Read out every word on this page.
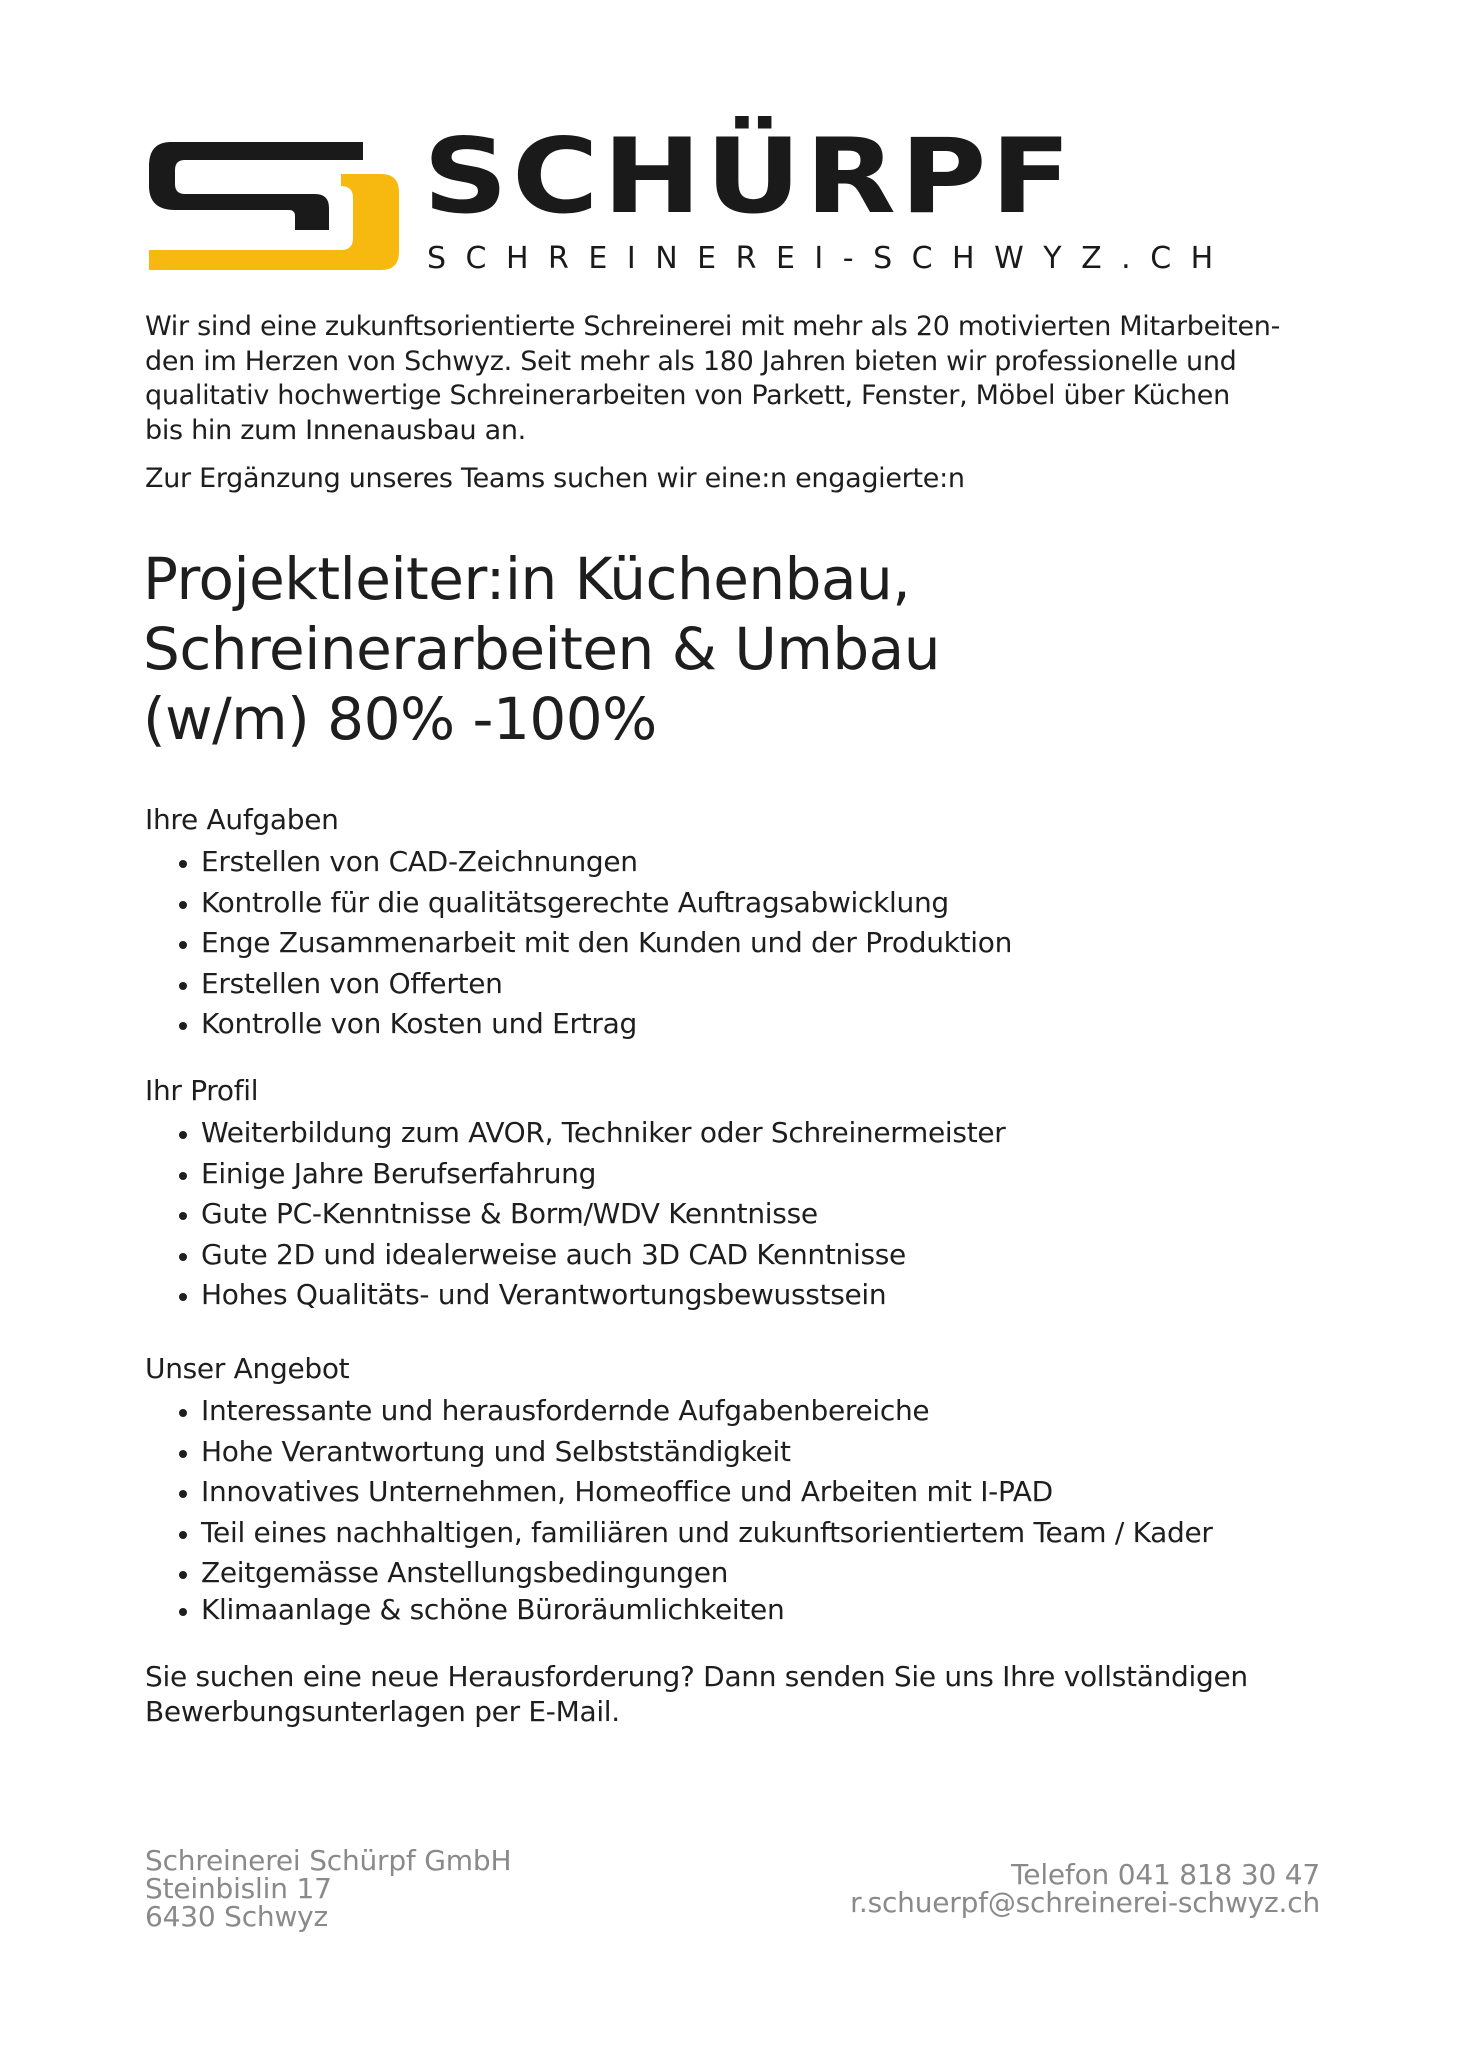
SCHÜRPF
SCHREINEREI-SCHWYZ.CH

Wir sind eine zukunftsorientierte Schreinerei mit mehr als 20 motivierten Mitarbeiten-
den im Herzen von Schwyz. Seit mehr als 180 Jahren bieten wir professionelle und
qualitativ hochwertige Schreinerarbeiten von Parkett, Fenster, Möbel über Küchen
bis hin zum Innenausbau an.

Zur Ergänzung unseres Teams suchen wir eine:n engagierte:n

Projektleiter:in Küchenbau,
Schreinerarbeiten & Umbau
(w/m) 80% -100%
Ihre Aufgaben
Erstellen von CAD-Zeichnungen
Kontrolle für die qualitätsgerechte Auftragsabwicklung
Enge Zusammenarbeit mit den Kunden und der Produktion
Erstellen von Offerten
Kontrolle von Kosten und Ertrag
Ihr Profil
Weiterbildung zum AVOR, Techniker oder Schreinermeister
Einige Jahre Berufserfahrung
Gute PC-Kenntnisse & Borm/WDV Kenntnisse
Gute 2D und idealerweise auch 3D CAD Kenntnisse
Hohes Qualitäts- und Verantwortungsbewusstsein
Unser Angebot
Interessante und herausfordernde Aufgabenbereiche
Hohe Verantwortung und Selbstständigkeit
Innovatives Unternehmen, Homeoffice und Arbeiten mit I-PAD
Teil eines nachhaltigen, familiären und zukunftsorientiertem Team / Kader
Zeitgemässe Anstellungsbedingungen
Klimaanlage & schöne Büroräumlichkeiten

Sie suchen eine neue Herausforderung? Dann senden Sie uns Ihre vollständigen
Bewerbungsunterlagen per E-Mail.

Schreinerei Schürpf GmbH
Steinbislin 17
6430 Schwyz
Telefon 041 818 30 47
r.schuerpf@schreinerei-schwyz.ch
